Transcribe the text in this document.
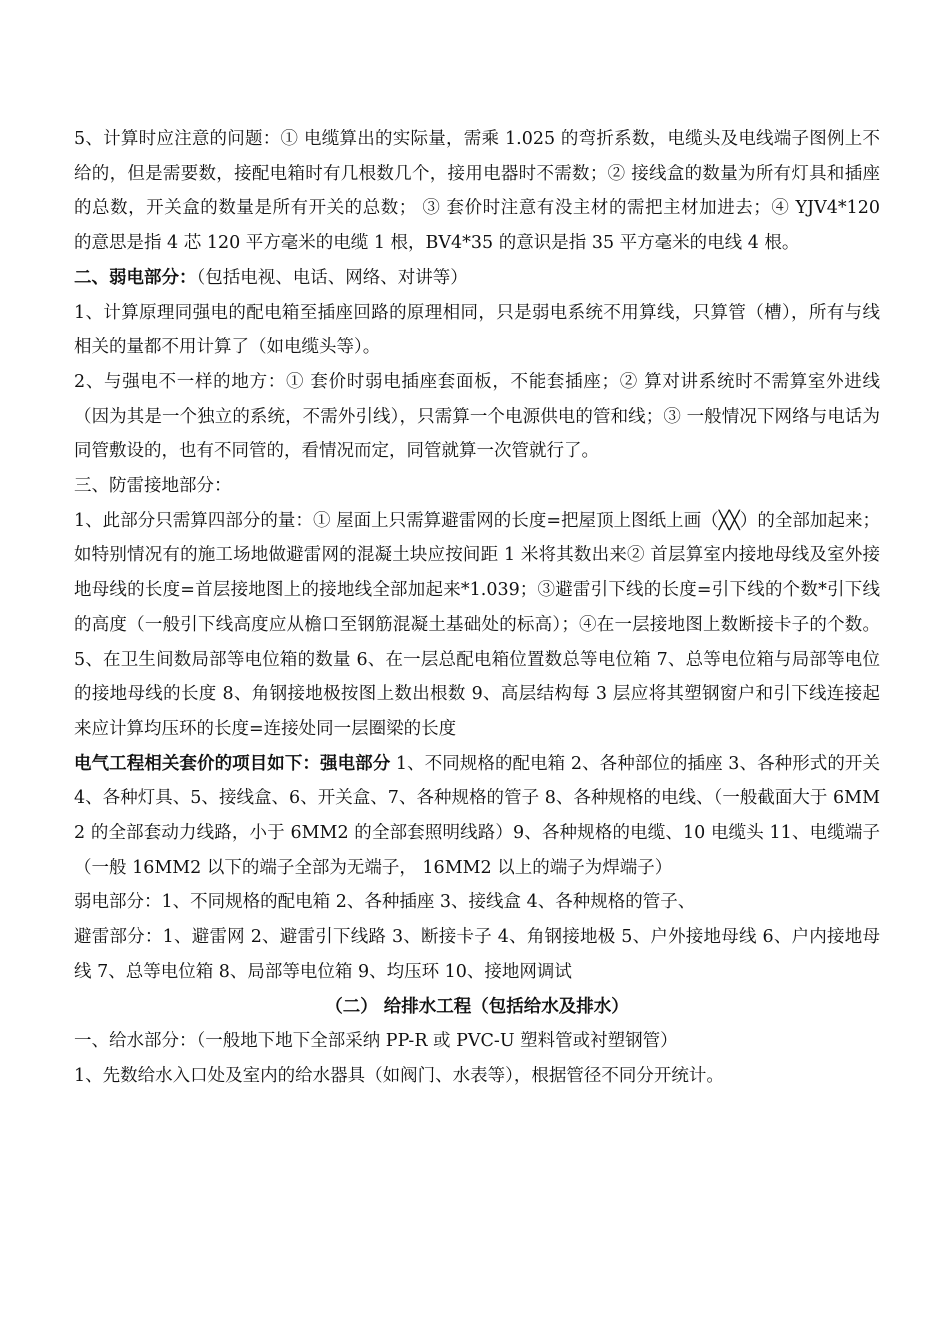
5、计算时应注意的问题：① 电缆算出的实际量，需乘 1.025 的弯折系数，电缆头及电线端子图例上不给的，但是需要数，接配电箱时有几根数几个，接用电器时不需数；② 接线盒的数量为所有灯具和插座的总数，开关盒的数量是所有开关的总数； ③ 套价时注意有没主材的需把主材加进去；④ YJV4*120 的意思是指 4 芯 120 平方毫米的电缆 1 根，BV4*35 的意识是指 35 平方毫米的电线 4 根。

二、弱电部分：（包括电视、电话、网络、对讲等）

1、计算原理同强电的配电箱至插座回路的原理相同，只是弱电系统不用算线，只算管（槽），所有与线相关的量都不用计算了（如电缆头等）。

2、与强电不一样的地方：① 套价时弱电插座套面板，不能套插座；② 算对讲系统时不需算室外进线（因为其是一个独立的系统，不需外引线），只需算一个电源供电的管和线；③ 一般情况下网络与电话为同管敷设的，也有不同管的，看情况而定，同管就算一次管就行了。

三、防雷接地部分：

1、此部分只需算四部分的量：① 屋面上只需算避雷网的长度=把屋顶上图纸上画（╳╳）的全部加起来；如特别情况有的施工场地做避雷网的混凝土块应按间距 1 米将其数出来② 首层算室内接地母线及室外接地母线的长度=首层接地图上的接地线全部加起来*1.039；③避雷引下线的长度=引下线的个数*引下线的高度（一般引下线高度应从檐口至钢筋混凝土基础处的标高）；④在一层接地图上数断接卡子的个数。5、在卫生间数局部等电位箱的数量 6、在一层总配电箱位置数总等电位箱 7、总等电位箱与局部等电位的接地母线的长度 8、角钢接地极按图上数出根数 9、高层结构每 3 层应将其塑钢窗户和引下线连接起来应计算均压环的长度=连接处同一层圈梁的长度

电气工程相关套价的项目如下：强电部分 1、不同规格的配电箱 2、各种部位的插座 3、各种形式的开关 4、各种灯具、5、接线盒、6、开关盒、7、各种规格的管子 8、各种规格的电线、（一般截面大于 6MM2 的全部套动力线路，小于 6MM2 的全部套照明线路）9、各种规格的电缆、10 电缆头 11、电缆端子（一般 16MM2 以下的端子全部为无端子， 16MM2 以上的端子为焊端子）

弱电部分：1、不同规格的配电箱 2、各种插座 3、接线盒 4、各种规格的管子、

避雷部分：1、避雷网 2、避雷引下线路 3、断接卡子 4、角钢接地极 5、户外接地母线 6、户内接地母线 7、总等电位箱 8、局部等电位箱 9、均压环 10、接地网调试

（二） 给排水工程（包括给水及排水）

一、给水部分：（一般地下地下全部采纳 PP-R 或 PVC-U 塑料管或衬塑钢管）

1、先数给水入口处及室内的给水器具（如阀门、水表等），根据管径不同分开统计。
